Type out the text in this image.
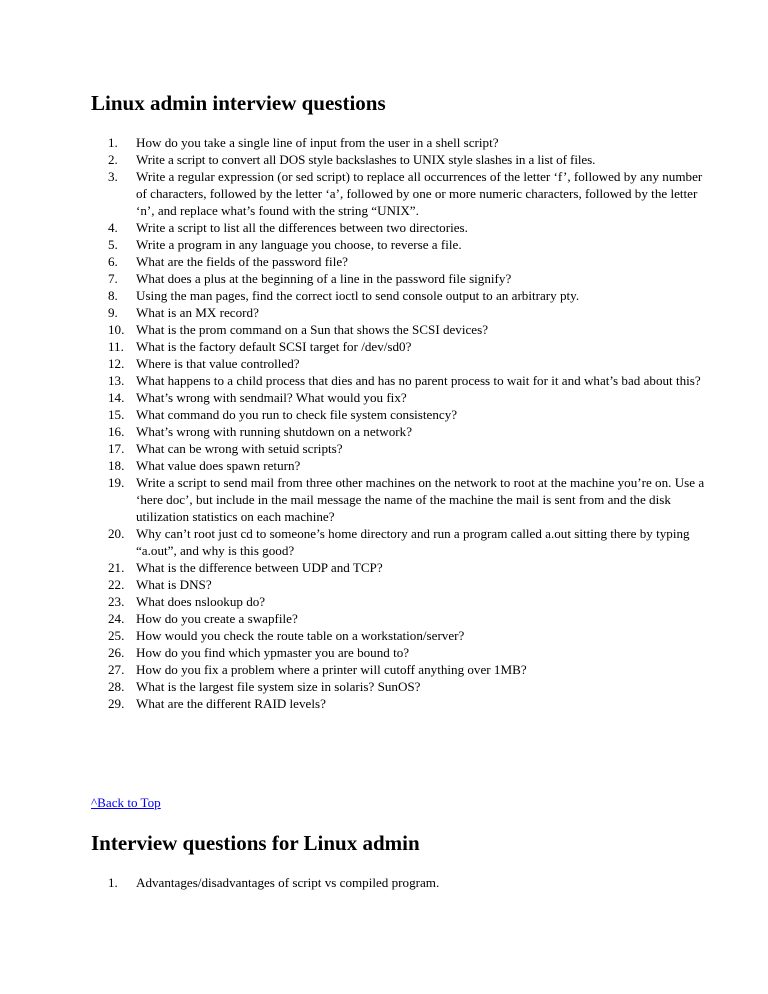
Linux admin interview questions
1.	How do you take a single line of input from the user in a shell script?
2.	Write a script to convert all DOS style backslashes to UNIX style slashes in a list of files.
3.	Write a regular expression (or sed script) to replace all occurrences of the letter ‘f’, followed by any number of characters, followed by the letter ‘a’, followed by one or more numeric characters, followed by the letter ‘n’, and replace what’s found with the string “UNIX”.
4.	Write a script to list all the differences between two directories.
5.	Write a program in any language you choose, to reverse a file.
6.	What are the fields of the password file?
7.	What does a plus at the beginning of a line in the password file signify?
8.	Using the man pages, find the correct ioctl to send console output to an arbitrary pty.
9.	What is an MX record?
10. What is the prom command on a Sun that shows the SCSI devices?
11. What is the factory default SCSI target for /dev/sd0?
12. Where is that value controlled?
13. What happens to a child process that dies and has no parent process to wait for it and what’s bad about this?
14. What’s wrong with sendmail? What would you fix?
15. What command do you run to check file system consistency?
16. What’s wrong with running shutdown on a network?
17. What can be wrong with setuid scripts?
18. What value does spawn return?
19. Write a script to send mail from three other machines on the network to root at the machine you’re on. Use a ‘here doc’, but include in the mail message the name of the machine the mail is sent from and the disk utilization statistics on each machine?
20. Why can’t root just cd to someone’s home directory and run a program called a.out sitting there by typing “a.out”, and why is this good?
21. What is the difference between UDP and TCP?
22. What is DNS?
23. What does nslookup do?
24. How do you create a swapfile?
25. How would you check the route table on a workstation/server?
26. How do you find which ypmaster you are bound to?
27. How do you fix a problem where a printer will cutoff anything over 1MB?
28. What is the largest file system size in solaris? SunOS?
29. What are the different RAID levels?
^Back to Top
Interview questions for Linux admin
1.	Advantages/disadvantages of script vs compiled program.
